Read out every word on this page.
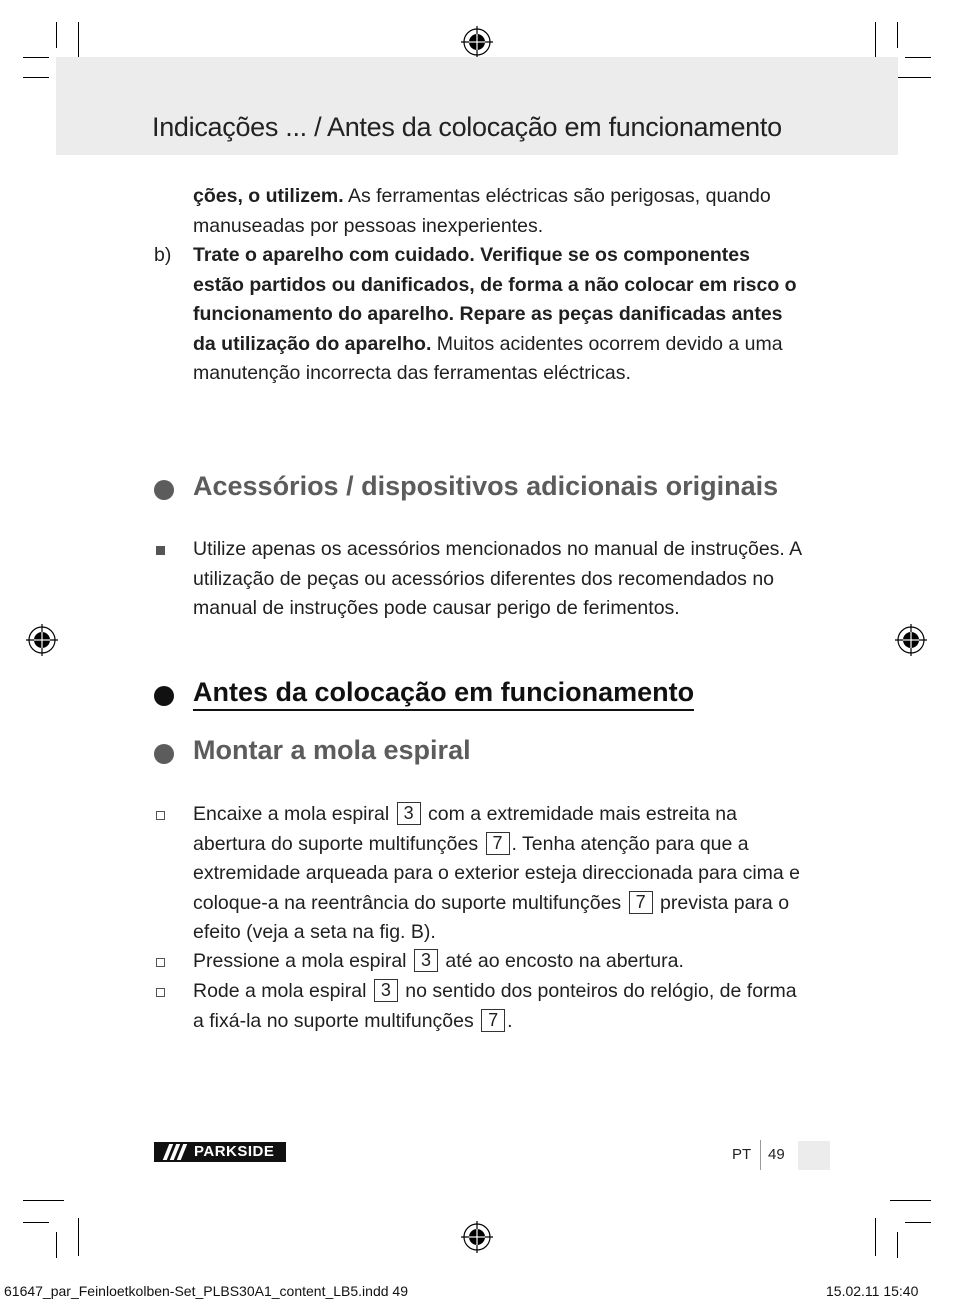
Indicações ... / Antes da colocação em funcionamento
ções, o utilizem. As ferramentas eléctricas são perigosas, quando manuseadas por pessoas inexperientes.
b) Trate o aparelho com cuidado. Verifique se os componentes estão partidos ou danificados, de forma a não colocar em risco o funcionamento do aparelho. Repare as peças danificadas antes da utilização do aparelho. Muitos acidentes ocorrem devido a uma manutenção incorrecta das ferramentas eléctricas.
Acessórios / dispositivos adicionais originais
Utilize apenas os acessórios mencionados no manual de instruções. A utilização de peças ou acessórios diferentes dos recomendados no manual de instruções pode causar perigo de ferimentos.
Antes da colocação em funcionamento
Montar a mola espiral
Encaixe a mola espiral 3 com a extremidade mais estreita na abertura do suporte multifunções 7 . Tenha atenção para que a extremidade arqueada para o exterior esteja direccionada para cima e coloque-a na reentrância do suporte multifunções 7 prevista para o efeito (veja a seta na fig. B).
Pressione a mola espiral 3 até ao encosto na abertura.
Rode a mola espiral 3 no sentido dos ponteiros do relógio, de forma a fixá-la no suporte multifunções 7 .
PARKSIDE	PT 49
61647_par_Feinloetkolben-Set_PLBS30A1_content_LB5.indd 49	15.02.11 15:40
